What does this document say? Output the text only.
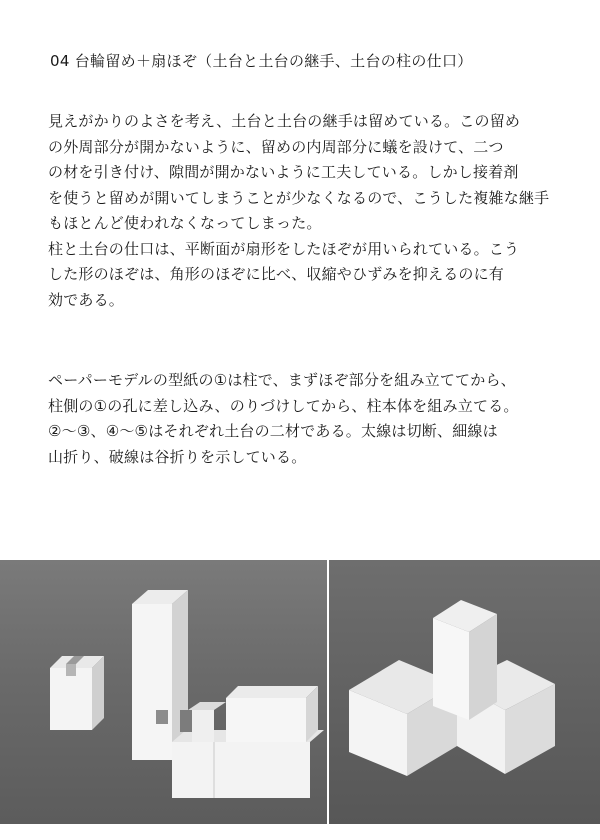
04 台輪留め＋扇ほぞ（土台と土台の継手、土台の柱の仕口）
見えがかりのよさを考え、土台と土台の継手は留めている。この留め
の外周部分が開かないように、留めの内周部分に蟻を設けて、二つ
の材を引き付け、隙間が開かないように工夫している。しかし接着剤
を使うと留めが開いてしまうことが少なくなるので、こうした複雑な継手
もほとんど使われなくなってしまった。
柱と土台の仕口は、平断面が扇形をしたほぞが用いられている。こう
した形のほぞは、角形のほぞに比べ、収縮やひずみを抑えるのに有
効である。
ペーパーモデルの型紙の①は柱で、まずほぞ部分を組み立ててから、
柱側の①の孔に差し込み、のりづけしてから、柱本体を組み立てる。
②〜③、④〜⑤はそれぞれ土台の二材である。太線は切断、細線は
山折り、破線は谷折りを示している。
